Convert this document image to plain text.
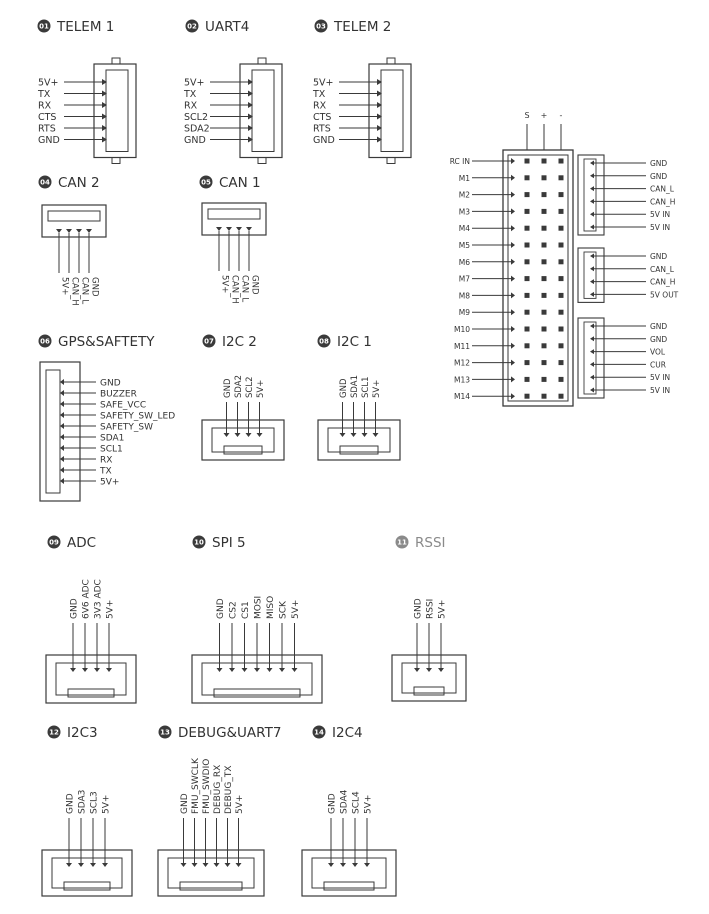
01 TELEM 1
5V+
TX
RX
CTS
RTS
GND
02 UART4
5V+
TX
RX
SCL2
SDA2
GND
03 TELEM 2
5V+
TX
RX
CTS
RTS
GND
04 CAN 2
5V+ CAN_H CAN_L GND
05 CAN 1
5V+ CAN_H CAN_L GND
06 GPS&SAFTETY
GND
BUZZER
SAFE_VCC
SAFETY_SW_LED
SAFETY_SW
SDA1
SCL1
RX
TX
5V+
07 I2C 2
GND SDA2 SCL2 5V+
08 I2C 1
GND SDA1 SCL1 5V+
09 ADC
GND 6V6 ADC 3V3 ADC 5V+
10 SPI 5
GND CS2 CS1 MOSI MISO SCK 5V+
11 RSSI
GND RSSI 5V+
12 I2C3
GND SDA3 SCL3 5V+
13 DEBUG&UART7
GND FMU_SWCLK FMU_SWDIO DEBUG_RX DEBUG_TX 5V+
14 I2C4
GND SDA4 SCL4 5V+
S + -
RC IN
M1
M2
M3
M4
M5
M6
M7
M8
M9
M10
M11
M12
M13
M14
GND
GND
CAN_L
CAN_H
5V IN
5V IN
GND
CAN_L
CAN_H
5V OUT
GND
GND
VOL
CUR
5V IN
5V IN
